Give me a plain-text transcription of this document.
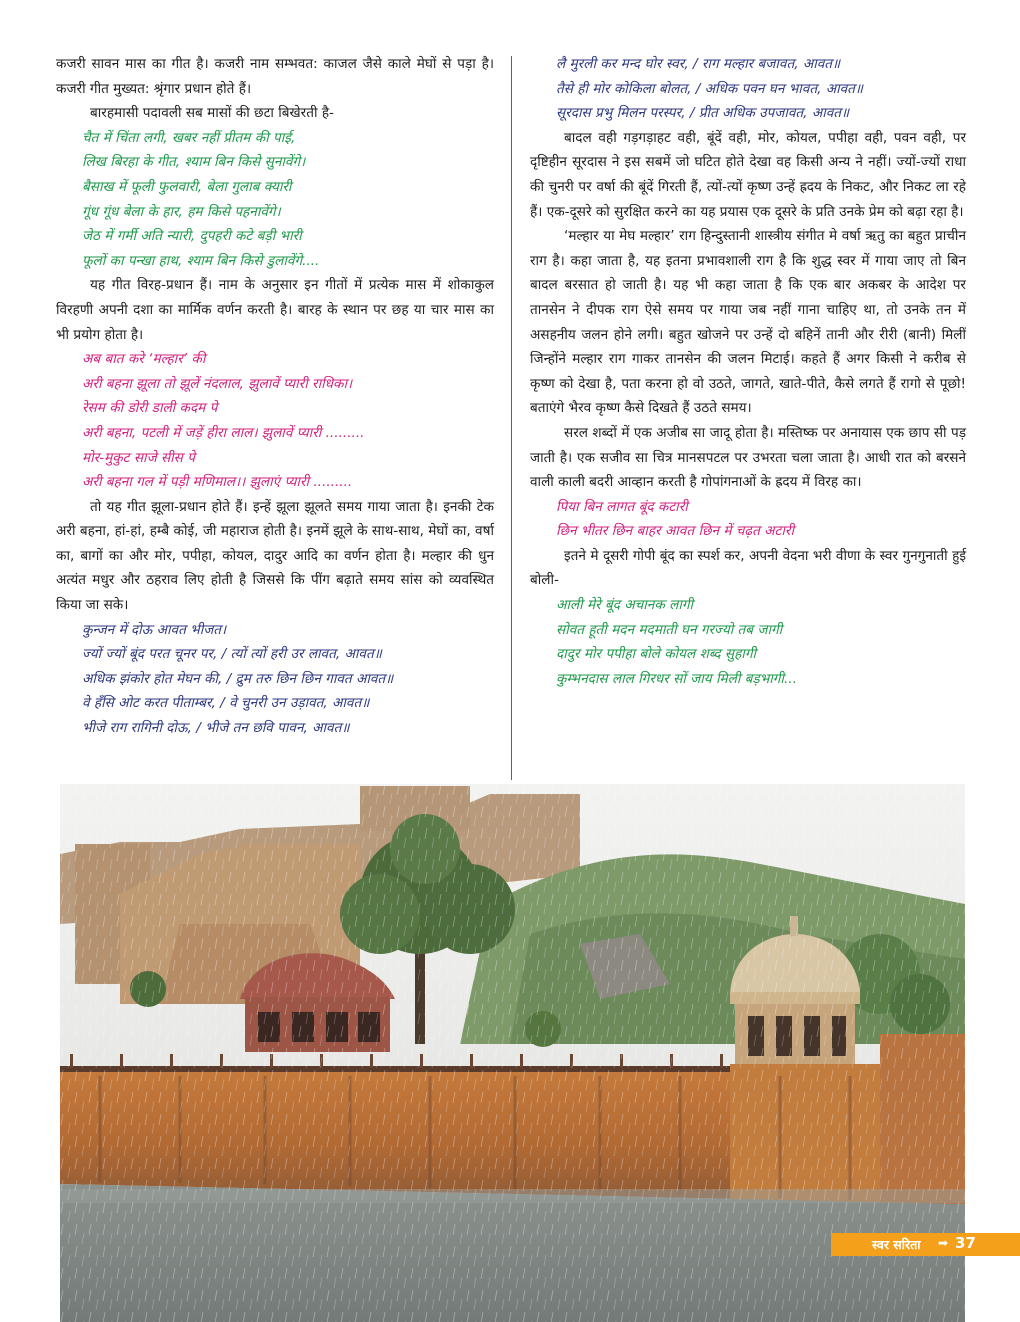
कजरी सावन मास का गीत है। कजरी नाम सम्भवत: काजल जैसे काले मेघों से पड़ा है। कजरी गीत मुख्यत: श्रृंगार प्रधान होते हैं।

बारहमासी पदावली सब मासों की छटा बिखेरती है-

चैत में चिंता लगी, खबर नहीं प्रीतम की पाई,

लिख बिरहा के गीत, श्याम बिन किसे सुनावेंगे।

बैसाख में फूली फुलवारी, बेला गुलाब क्यारी

गूंध गूंध बेला के हार, हम किसे पहनावेंगे।

जेठ में गर्मी अति न्यारी, दुपहरी कटे बड़ी भारी

फूलों का पन्खा हाथ, श्याम बिन किसे डुलावेंगे....

यह गीत विरह-प्रधान हैं। नाम के अनुसार इन गीतों में प्रत्येक मास में शोकाकुल विरहणी अपनी दशा का मार्मिक वर्णन करती है। बारह के स्थान पर छह या चार मास का भी प्रयोग होता है।

अब बात करे ‘मल्हार’ की

अरी बहना झूला तो झूलें नंदलाल, झुलावें प्यारी राधिका।

रेसम की डोरी डाली कदम पे

अरी बहना, पटली में जड़ें हीरा लाल। झुलावें प्यारी .........

मोर-मुकुट साजे सीस पे

अरी बहना गल में पड़ी मणिमाल।। झुलाएं प्यारी .........

तो यह गीत झूला-प्रधान होते हैं। इन्हें झूला झूलते समय गाया जाता है। इनकी टेक अरी बहना, हां-हां, हम्बै कोई, जी महाराज होती है। इनमें झूले के साथ-साथ, मेघों का, वर्षा का, बागों का और मोर, पपीहा, कोयल, दादुर आदि का वर्णन होता है। मल्हार की धुन अत्यंत मधुर और ठहराव लिए होती है जिससे कि पींग बढ़ाते समय सांस को व्यवस्थित किया जा सके।

कुन्जन में दोऊ आवत भीजत।

ज्यों ज्यों बूंद परत चूनर पर, / त्यों त्यों हरी उर लावत, आवत॥

अधिक झंकोर होत मेघन की, / द्रुम तरु छिन छिन गावत आवत॥

वे हँसि ओट करत पीताम्बर, / वे चुनरी उन उड़ावत, आवत॥

भीजे राग रागिनी दोऊ, / भीजे तन छवि पावन, आवत॥

लै मुरली कर मन्द घोर स्वर, / राग मल्हार बजावत, आवत॥

तैसे ही मोर कोकिला बोलत, / अधिक पवन घन भावत, आवत॥

सूरदास प्रभु मिलन परस्पर, / प्रीत अधिक उपजावत, आवत॥

बादल वही गड़गड़ाहट वही, बूंदें वही, मोर, कोयल, पपीहा वही, पवन वही, पर दृष्टिहीन सूरदास ने इस सबमें जो घटित होते देखा वह किसी अन्य ने नहीं। ज्यों-ज्यों राधा की चुनरी पर वर्षा की बूंदें गिरती हैं, त्यों-त्यों कृष्ण उन्हें ह्रदय के निकट, और निकट ला रहे हैं। एक-दूसरे को सुरक्षित करने का यह प्रयास एक दूसरे के प्रति उनके प्रेम को बढ़ा रहा है।

‘मल्हार या मेघ मल्हार’ राग हिन्दुस्तानी शास्त्रीय संगीत मे वर्षा ऋतु का बहुत प्राचीन राग है। कहा जाता है, यह इतना प्रभावशाली राग है कि शुद्ध स्वर में गाया जाए तो बिन बादल बरसात हो जाती है। यह भी कहा जाता है कि एक बार अकबर के आदेश पर तानसेन ने दीपक राग ऐसे समय पर गाया जब नहीं गाना चाहिए था, तो उनके तन में असहनीय जलन होने लगी। बहुत खोजने पर उन्हें दो बहिनें तानी और रीरी (बानी) मिलीं जिन्होंने मल्हार राग गाकर तानसेन की जलन मिटाई। कहते हैं अगर किसी ने करीब से कृष्ण को देखा है, पता करना हो वो उठते, जागते, खाते-पीते, कैसे लगते हैं रागो से पूछो! बताएंगे भैरव कृष्ण कैसे दिखते हैं उठते समय।

सरल शब्दों में एक अजीब सा जादू होता है। मस्तिष्क पर अनायास एक छाप सी पड़ जाती है। एक सजीव सा चित्र मानसपटल पर उभरता चला जाता है। आधी रात को बरसने वाली काली बदरी आव्हान करती है गोपांगनाओं के ह्रदय में विरह का।

पिया बिन लागत बूंद कटारी

छिन भीतर छिन बाहर आवत छिन में चढ़त अटारी

इतने मे दूसरी गोपी बूंद का स्पर्श कर, अपनी वेदना भरी वीणा के स्वर गुनगुनाती हुई बोली-

आली मेरे बूंद अचानक लागी

सोवत हूती मदन मदमाती घन गरज्यो तब जागी

दादुर मोर पपीहा बोले कोयल शब्द सुहागी

कुम्भनदास लाल गिरधर सों जाय मिली बड़भागी...

स्वर सरिता ➡ 37
